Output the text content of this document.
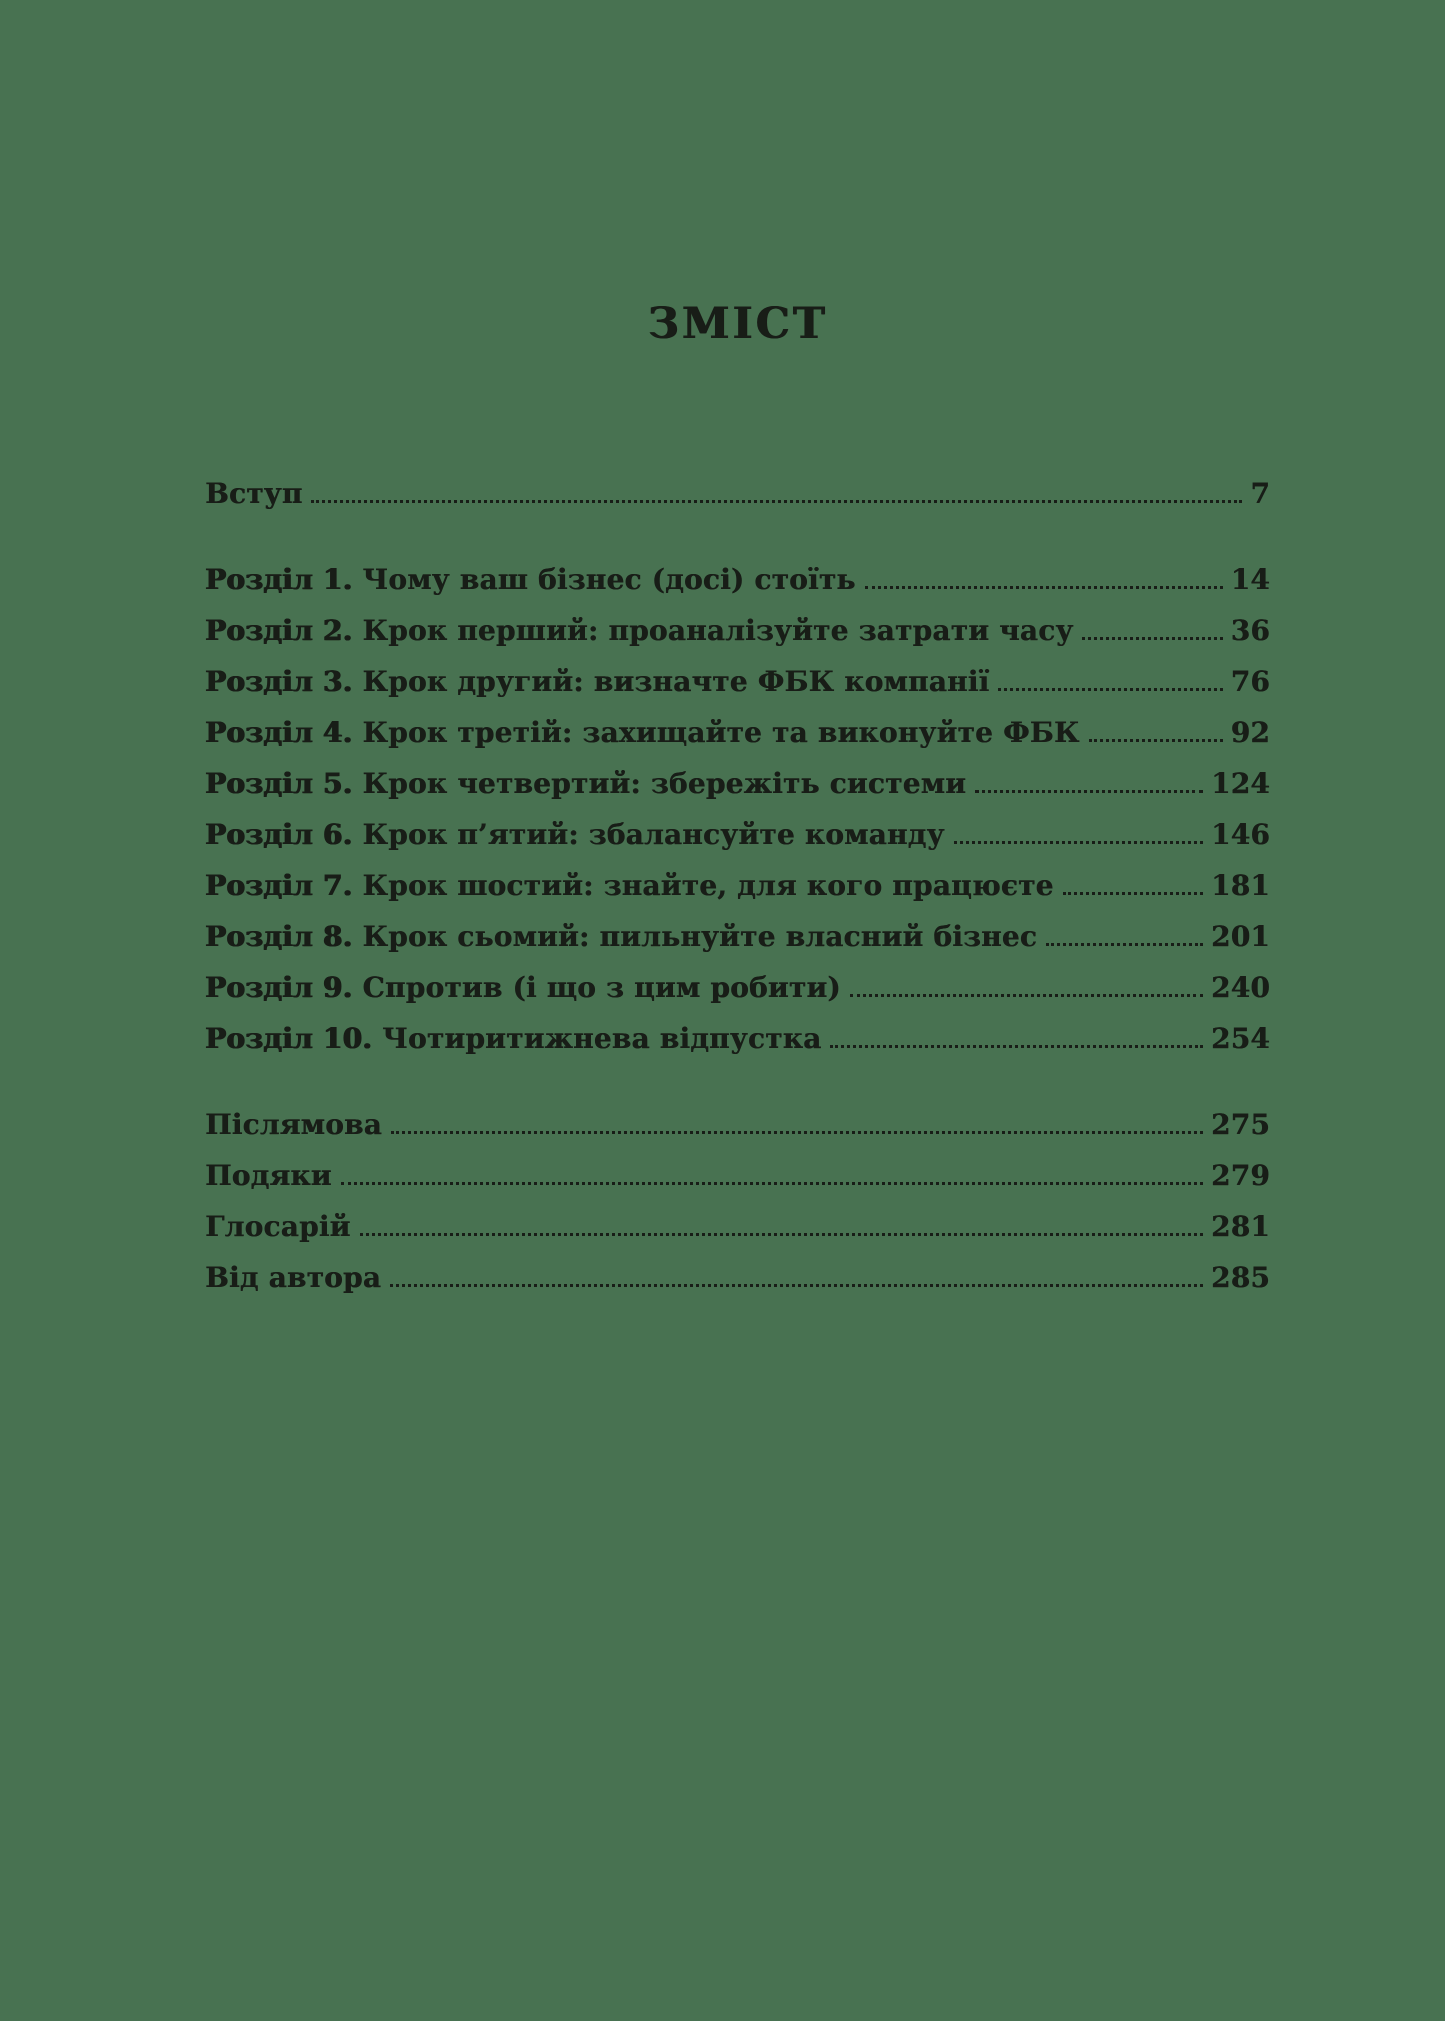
ЗМІСТ
Вступ	7
Розділ 1. Чому ваш бізнес (досі) стоїть	14
Розділ 2. Крок перший: проаналізуйте затрати часу	36
Розділ 3. Крок другий: визначте ФБК компанії	76
Розділ 4. Крок третій: захищайте та виконуйте ФБК	92
Розділ 5. Крок четвертий: збережіть системи	124
Розділ 6. Крок п’ятий: збалансуйте команду	146
Розділ 7. Крок шостий: знайте, для кого працюєте	181
Розділ 8. Крок сьомий: пильнуйте власний бізнес	201
Розділ 9. Спротив (і що з цим робити)	240
Розділ 10. Чотиритижнева відпустка	254
Післямова	275
Подяки	279
Глосарій	281
Від автора	285
